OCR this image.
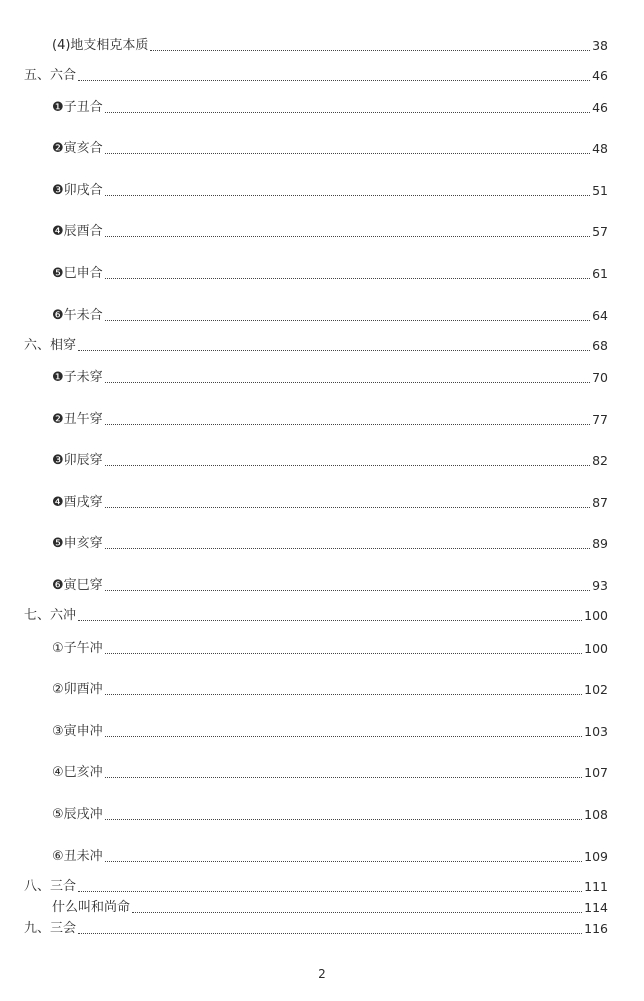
(4)地支相克本质	38
五、六合	46
❶子丑合	46
❷寅亥合	48
❸卯戌合	51
❹辰酉合	57
❺巳申合	61
❻午未合	64
六、相穿	68
❶子未穿	70
❷丑午穿	77
❸卯辰穿	82
❹酉戌穿	87
❺申亥穿	89
❻寅巳穿	93
七、六冲	100
①子午冲	100
②卯酉冲	102
③寅申冲	103
④巳亥冲	107
⑤辰戌冲	108
⑥丑未冲	109
八、三合	111
什么叫和尚命	114
九、三会	116
2
